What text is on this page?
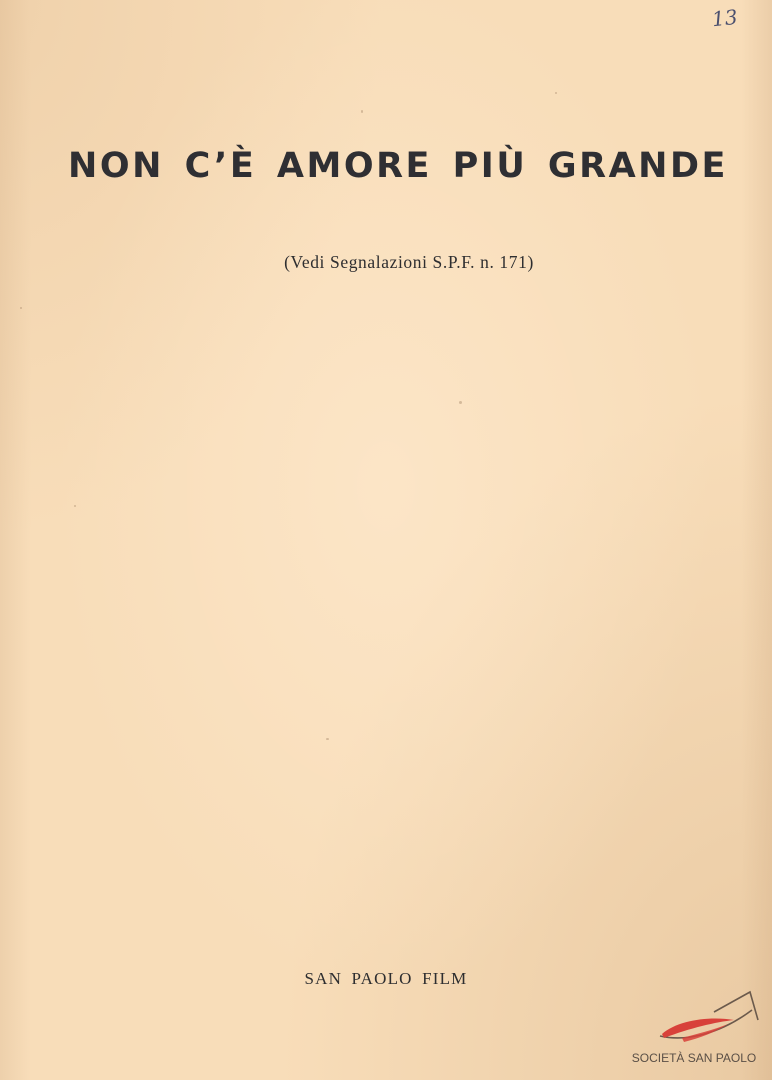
13
NON C’È AMORE PIÙ GRANDE
(Vedi Segnalazioni S.P.F. n. 171)
SAN PAOLO FILM
SOCIETÀ SAN PAOLO
